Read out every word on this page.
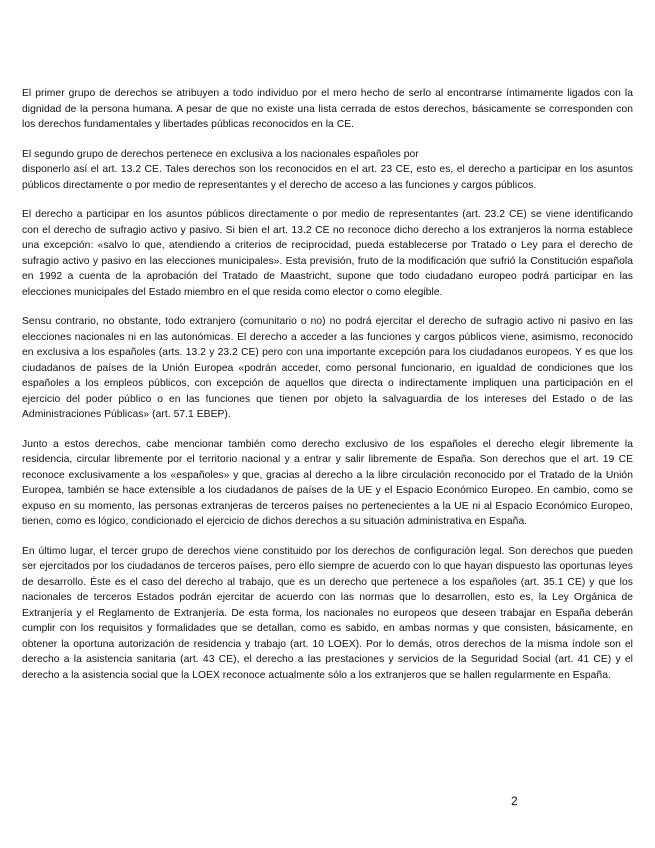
El primer grupo de derechos se atribuyen a todo individuo por el mero hecho de serlo al encontrarse íntimamente ligados con la dignidad de la persona humana. A pesar de que no existe una lista cerrada de estos derechos, básicamente se corresponden con los derechos fundamentales y libertades públicas reconocidos en la CE.

El segundo grupo de derechos pertenece en exclusiva a los nacionales españoles por
disponerlo así el art. 13.2 CE. Tales derechos son los reconocidos en el art. 23 CE, esto es, el derecho a participar en los asuntos públicos directamente o por medio de representantes y el derecho de acceso a las funciones y cargos públicos.

El derecho a participar en los asuntos públicos directamente o por medio de representantes (art. 23.2 CE) se viene identificando con el derecho de sufragio activo y pasivo. Si bien el art. 13.2 CE no reconoce dicho derecho a los extranjeros la norma establece una excepción: «salvo lo que, atendiendo a criterios de reciprocidad, pueda establecerse por Tratado o Ley para el derecho de sufragio activo y pasivo en las elecciones municipales». Esta previsión, fruto de la modificación que sufrió la Constitución española en 1992 a cuenta de la aprobación del Tratado de Maastricht, supone que todo ciudadano europeo podrá participar en las elecciones municipales del Estado miembro en el que resida como elector o como elegible.

Sensu contrario, no obstante, todo extranjero (comunitario o no) no podrá ejercitar el derecho de sufragio activo ni pasivo en las elecciones nacionales ni en las autonómicas. El derecho a acceder a las funciones y cargos públicos viene, asimismo, reconocido en exclusiva a los españoles (arts. 13.2 y 23.2 CE) pero con una importante excepción para los ciudadanos europeos. Y es que los ciudadanos de países de la Unión Europea «podrán acceder, como personal funcionario, en igualdad de condiciones que los españoles a los empleos públicos, con excepción de aquellos que directa o indirectamente impliquen una participación en el ejercicio del poder público o en las funciones que tienen por objeto la salvaguardia de los intereses del Estado o de las Administraciones Públicas» (art. 57.1 EBEP).

Junto a estos derechos, cabe mencionar también como derecho exclusivo de los españoles el derecho elegir libremente la residencia, circular libremente por el territorio nacional y a entrar y salir libremente de España. Son derechos que el art. 19 CE reconoce exclusivamente a los «españoles» y que, gracias al derecho a la libre circulación reconocido por el Tratado de la Unión Europea, también se hace extensible a los ciudadanos de países de la UE y el Espacio Económico Europeo. En cambio, como se expuso en su momento, las personas extranjeras de terceros países no pertenecientes a la UE ni al Espacio Económico Europeo, tienen, como es lógico, condicionado el ejercicio de dichos derechos a su situación administrativa en España.

En último lugar, el tercer grupo de derechos viene constituido por los derechos de configuración legal. Son derechos que pueden ser ejercitados por los ciudadanos de terceros países, pero ello siempre de acuerdo con lo que hayan dispuesto las oportunas leyes de desarrollo. Éste es el caso del derecho al trabajo, que es un derecho que pertenece a los españoles (art. 35.1 CE) y que los nacionales de terceros Estados podrán ejercitar de acuerdo con las normas que lo desarrollen, esto es, la Ley Orgánica de Extranjería y el Reglamento de Extranjería. De esta forma, los nacionales no europeos que deseen trabajar en España deberán cumplir con los requisitos y formalidades que se detallan, como es sabido, en ambas normas y que consisten, básicamente, en obtener la oportuna autorización de residencia y trabajo (art. 10 LOEX). Por lo demás, otros derechos de la misma índole son el derecho a la asistencia sanitaria (art. 43 CE), el derecho a las prestaciones y servicios de la Seguridad Social (art. 41 CE) y el derecho a la asistencia social que la LOEX reconoce actualmente sólo a los extranjeros que se hallen regularmente en España.

2
